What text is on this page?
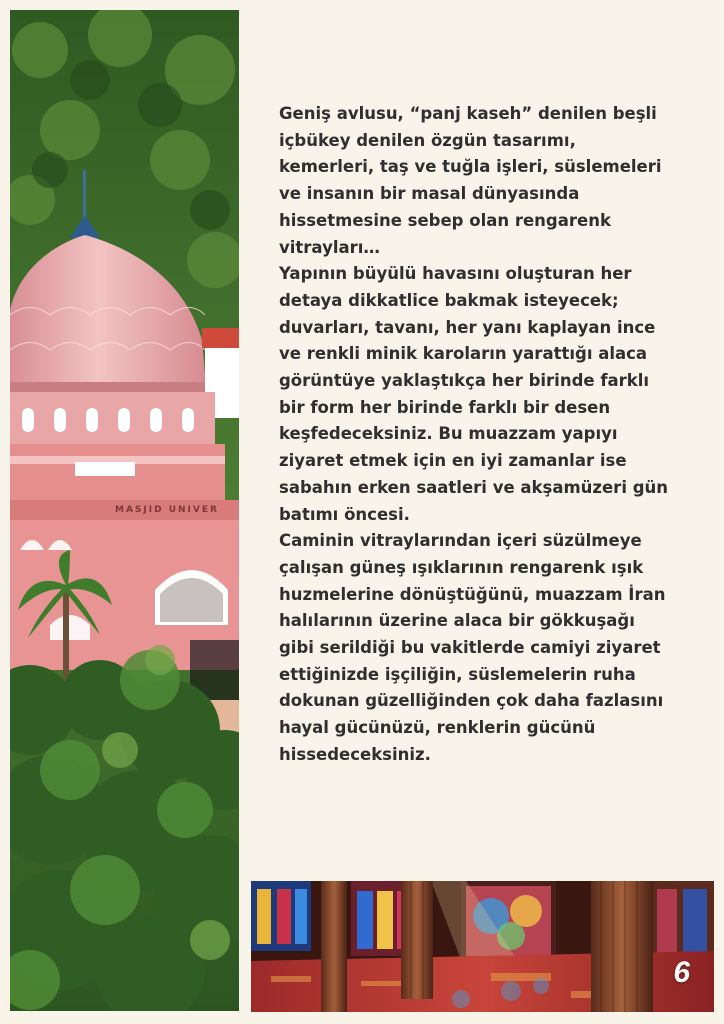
MASJID UNIVER

Geniş avlusu, “panj kaseh” denilen beşli içbükey denilen özgün tasarımı, kemerleri, taş ve tuğla işleri, süslemeleri ve insanın bir masal dünyasında hissetmesine sebep olan rengarenk vitrayları…

Yapının büyülü havasını oluşturan her detaya dikkatlice bakmak isteyecek; duvarları, tavanı, her yanı kaplayan ince ve renkli minik karoların yarattığı alaca görüntüye yaklaştıkça her birinde farklı bir form her birinde farklı bir desen keşfedeceksiniz. Bu muazzam yapıyı ziyaret etmek için en iyi zamanlar ise sabahın erken saatleri ve akşamüzeri gün batımı öncesi.

Caminin vitraylarından içeri süzülmeye çalışan güneş ışıklarının rengarenk ışık huzmelerine dönüştüğünü, muazzam İran halılarının üzerine alaca bir gökkuşağı gibi serildiği bu vakitlerde camiyi ziyaret ettiğinizde işçiliğin, süslemelerin ruha dokunan güzelliğinden çok daha fazlasını hayal gücünüzü, renklerin gücünü hissedeceksiniz.

6
